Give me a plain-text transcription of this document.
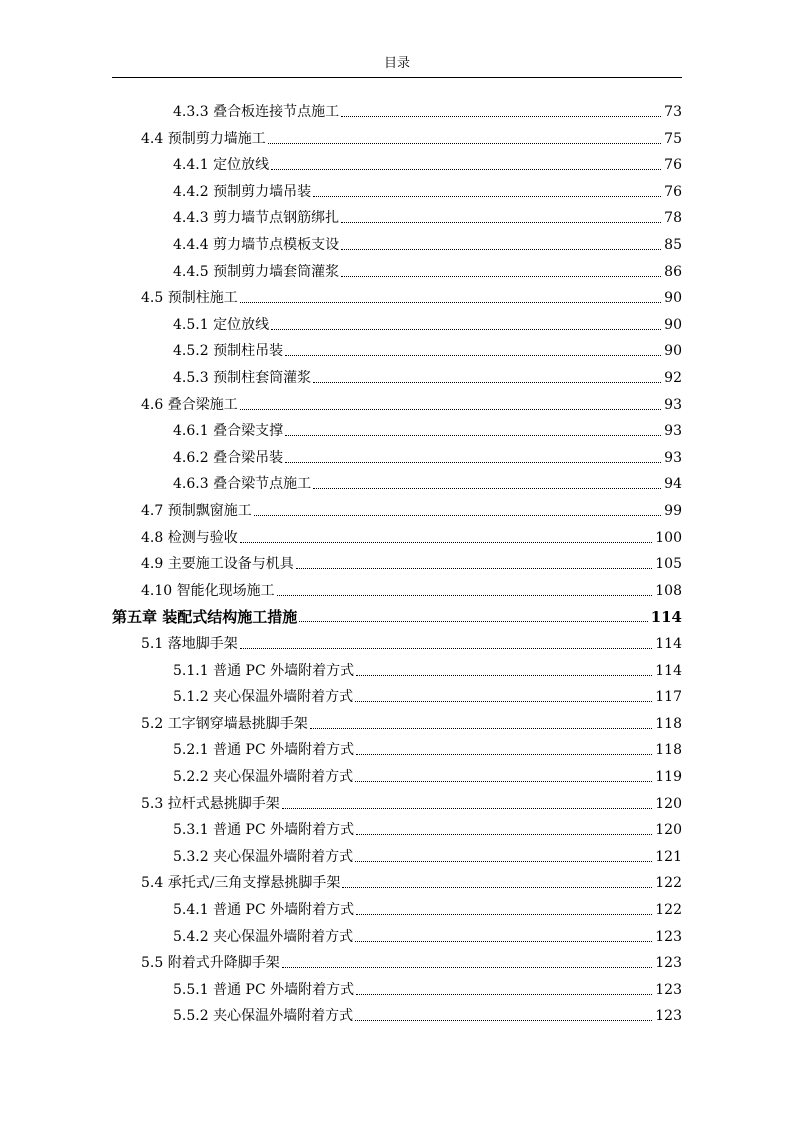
目录
4.3.3 叠合板连接节点施工	73
4.4 预制剪力墙施工	75
4.4.1 定位放线	76
4.4.2 预制剪力墙吊装	76
4.4.3 剪力墙节点钢筋绑扎	78
4.4.4 剪力墙节点模板支设	85
4.4.5 预制剪力墙套筒灌浆	86
4.5 预制柱施工	90
4.5.1 定位放线	90
4.5.2 预制柱吊装	90
4.5.3 预制柱套筒灌浆	92
4.6 叠合梁施工	93
4.6.1 叠合梁支撑	93
4.6.2 叠合梁吊装	93
4.6.3 叠合梁节点施工	94
4.7 预制飘窗施工	99
4.8 检测与验收	100
4.9 主要施工设备与机具	105
4.10 智能化现场施工	108
第五章 装配式结构施工措施	114
5.1 落地脚手架	114
5.1.1 普通 PC 外墙附着方式	114
5.1.2 夹心保温外墙附着方式	117
5.2 工字钢穿墙悬挑脚手架	118
5.2.1 普通 PC 外墙附着方式	118
5.2.2 夹心保温外墙附着方式	119
5.3 拉杆式悬挑脚手架	120
5.3.1 普通 PC 外墙附着方式	120
5.3.2 夹心保温外墙附着方式	121
5.4 承托式/三角支撑悬挑脚手架	122
5.4.1 普通 PC 外墙附着方式	122
5.4.2 夹心保温外墙附着方式	123
5.5 附着式升降脚手架	123
5.5.1 普通 PC 外墙附着方式	123
5.5.2 夹心保温外墙附着方式	123
